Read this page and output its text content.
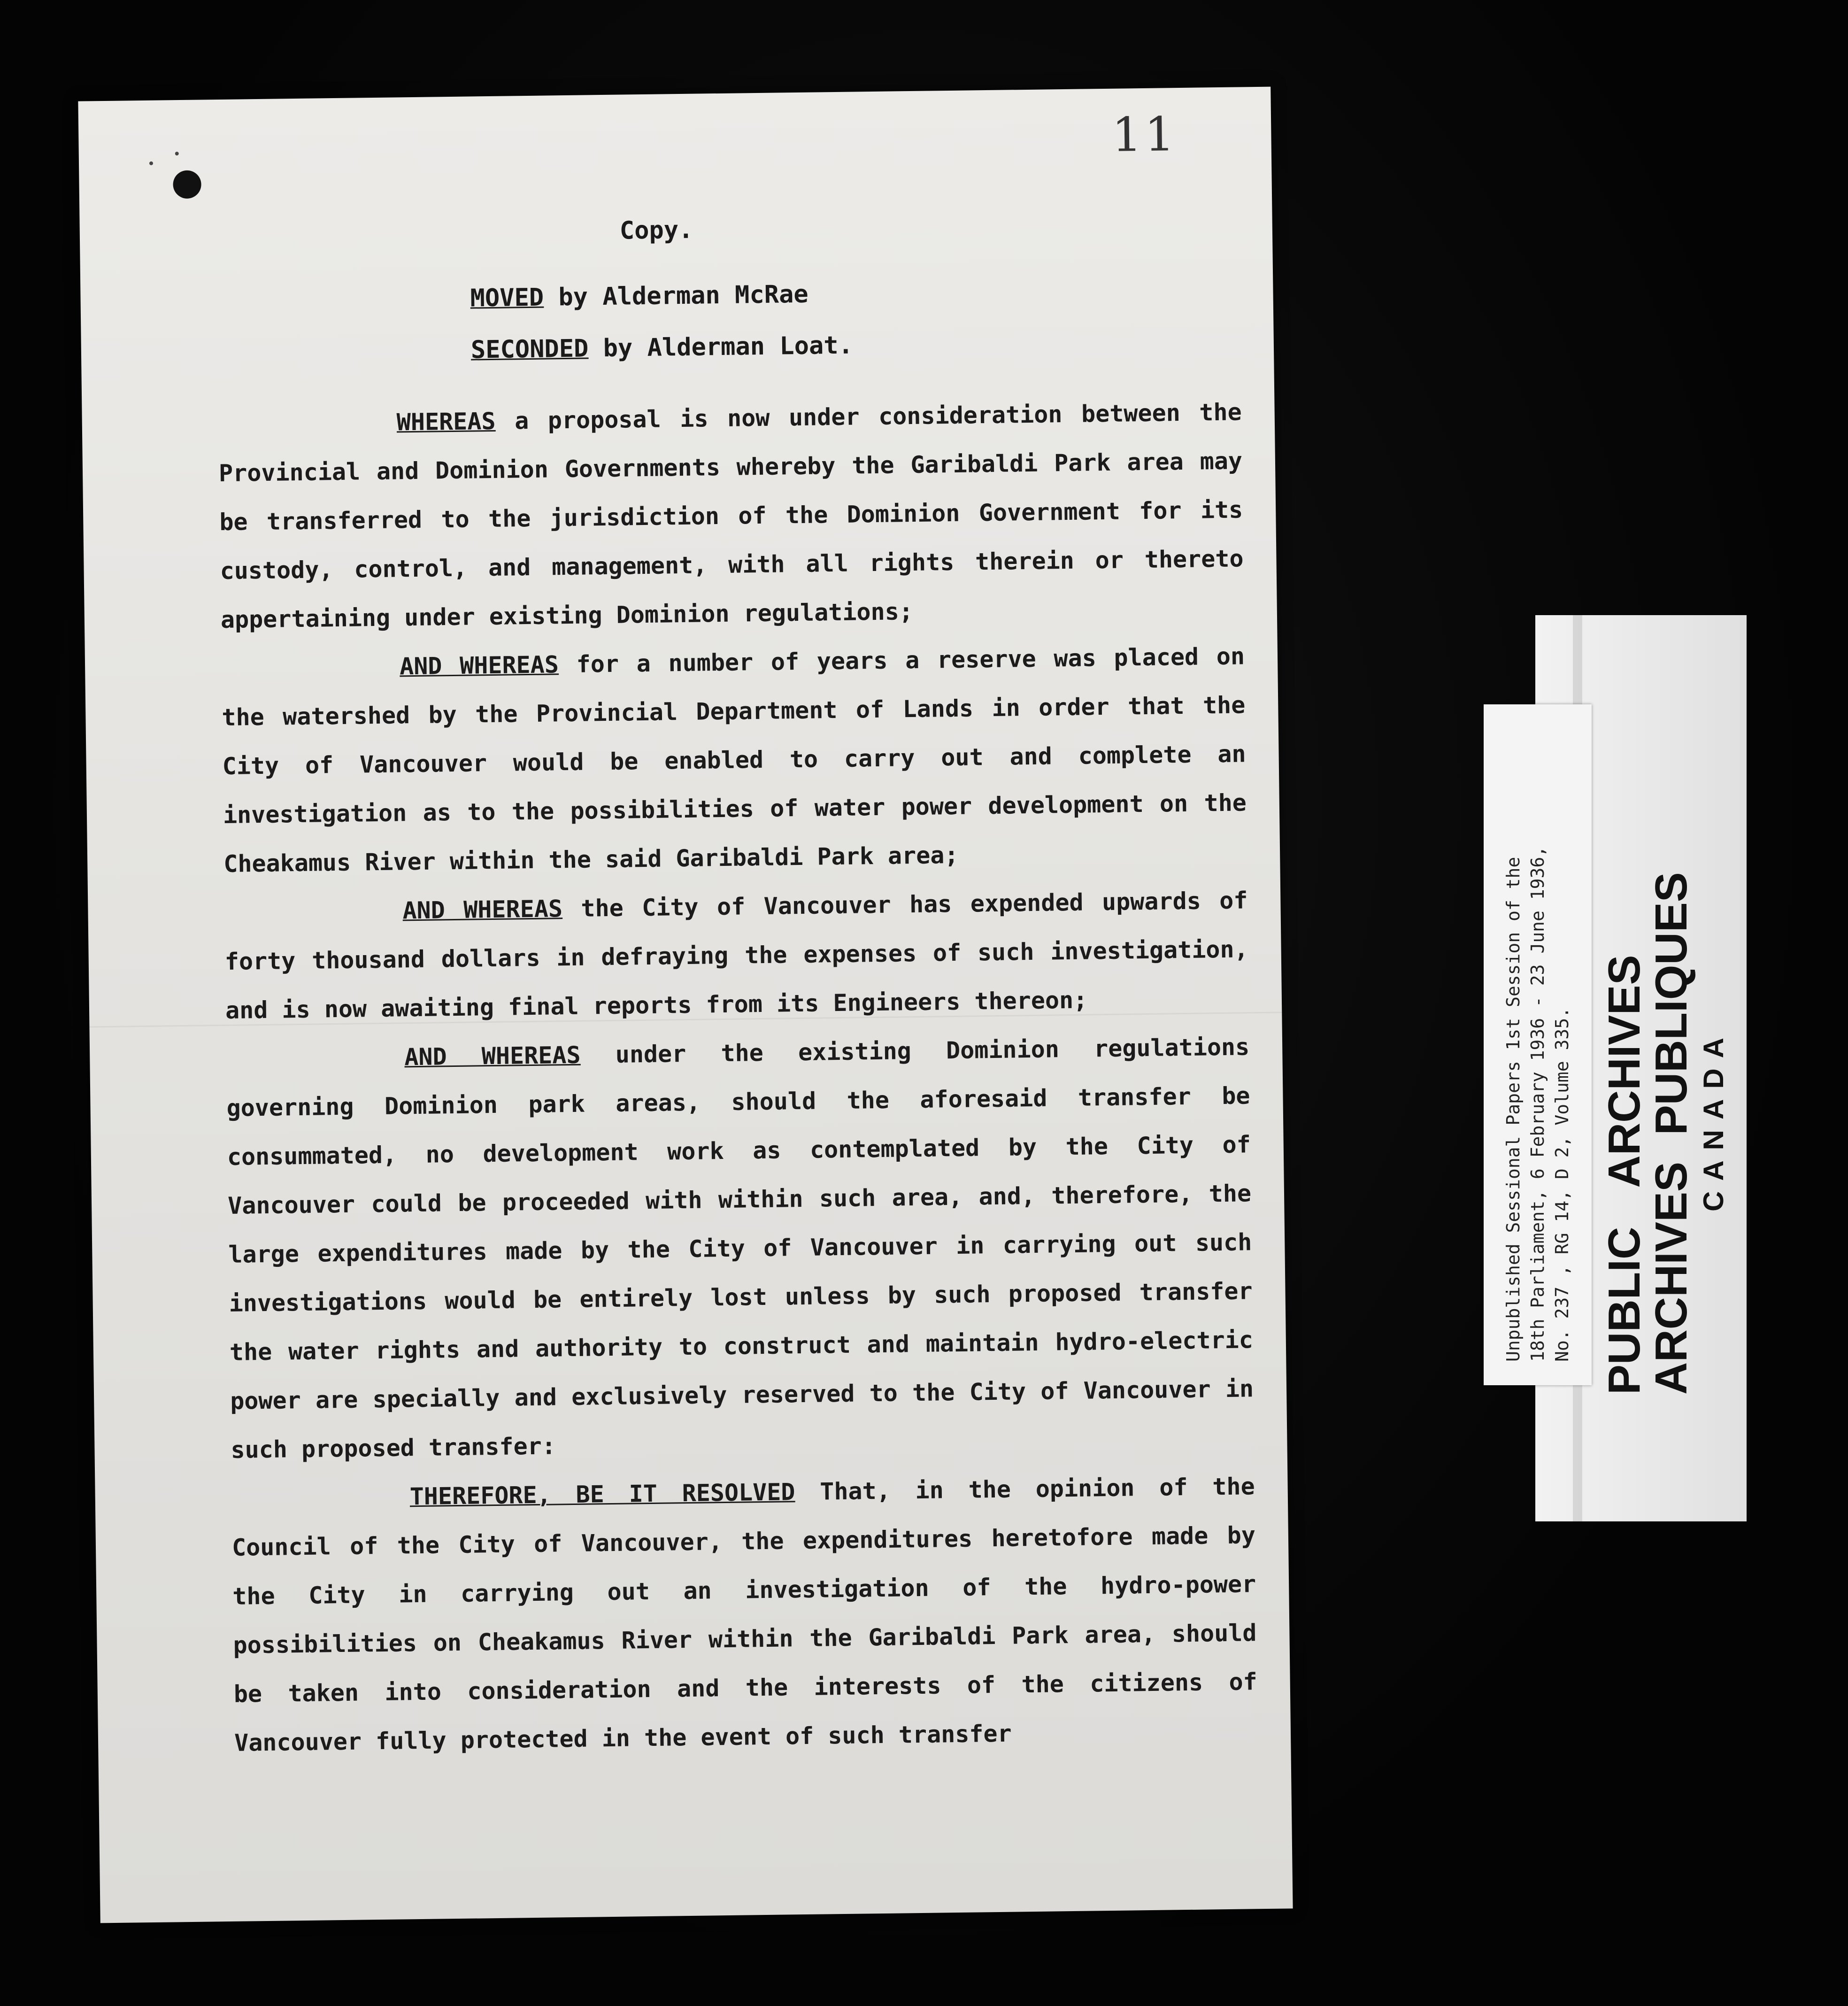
11
Copy.
MOVED by Alderman McRae
SECONDED by Alderman Loat.

WHEREAS a proposal is now under consideration between the Provincial and Dominion Governments whereby the Garibaldi Park area may be transferred to the jurisdiction of the Dominion Government for its custody, control, and management, with all rights therein or thereto appertaining under existing Dominion regulations;

AND WHEREAS for a number of years a reserve was placed on the watershed by the Provincial Department of Lands in order that the City of Vancouver would be enabled to carry out and complete an investigation as to the possibilities of water power development on the Cheakamus River within the said Garibaldi Park area;

AND WHEREAS the City of Vancouver has expended upwards of forty thousand dollars in defraying the expenses of such investigation, and is now awaiting final reports from its Engineers thereon;

AND WHEREAS under the existing Dominion regulations governing Dominion park areas, should the aforesaid transfer be consummated, no development work as contemplated by the City of Vancouver could be proceeded with within such area, and, therefore, the large expenditures made by the City of Vancouver in carrying out such investigations would be entirely lost unless by such proposed transfer the water rights and authority to construct and maintain hydro-electric power are specially and exclusively reserved to the City of Vancouver in such proposed transfer:

THEREFORE, BE IT RESOLVED That, in the opinion of the Council of the City of Vancouver, the expenditures heretofore made by the City in carrying out an investigation of the hydro-power possibilities on Cheakamus River within the Garibaldi Park area, should be taken into consideration and the interests of the citizens of Vancouver fully protected in the event of such transfer

Unpublished Sessional Papers 1st Session of the 18th Parliament, 6 February 1936 - 23 June 1936, No. 237 , RG 14, D 2, Volume 335. PUBLIC ARCHIVES
ARCHIVES PUBLIQUES CANADA
